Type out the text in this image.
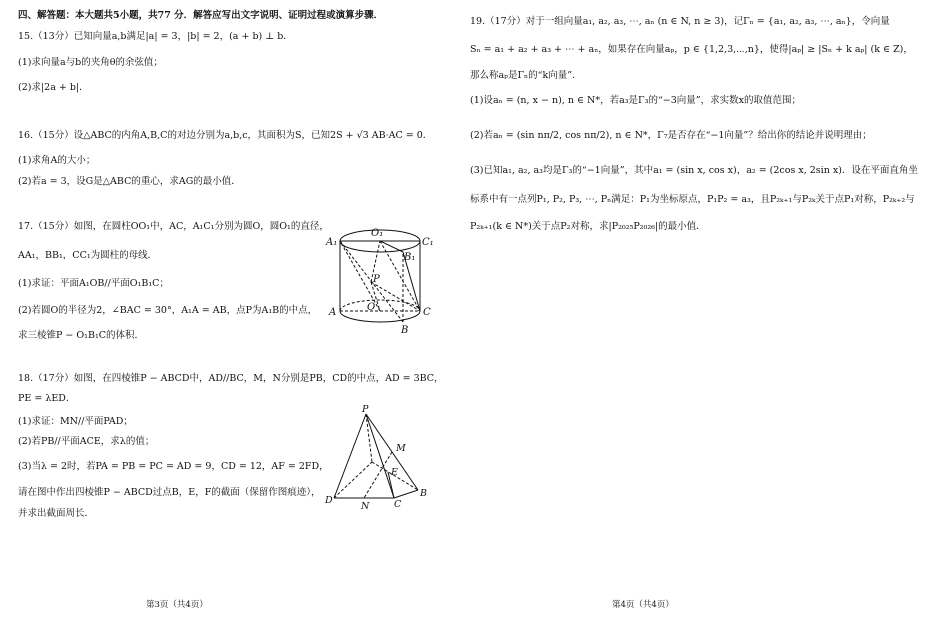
四、解答题：本大题共5小题，共77 分．解答应写出文字说明、证明过程或演算步骤．
15.（13分）已知向量a,b满足|a| = 3，|b| = 2，(a + b) ⊥ b．
(1)求向量a与b的夹角θ的余弦值；
(2)求|2a + b|．
16.（15分）设△ABC的内角A,B,C的对边分别为a,b,c，其面积为S，已知2S + √3 AB·AC = 0．
(1)求角A的大小；
(2)若a = 3，设G是△ABC的重心，求AG的最小值．
17.（15分）如图，在圆柱OO₁中，AC，A₁C₁分别为圆O，圆O₁的直径，
AA₁，BB₁，CC₁为圆柱的母线．
(1)求证：平面A₁OB//平面O₁B₁C；
(2)若圆O的半径为2，∠BAC = 30°，A₁A = AB，点P为A₁B的中点，
求三棱锥P − O₁B₁C的体积．
18.（17分）如图，在四棱锥P − ABCD中，AD//BC，M，N分别是PB，CD的中点，AD = 3BC，
PE = λED．
(1)求证：MN//平面PAD；
(2)若PB//平面ACE，求λ的值；
(3)当λ = 2时，若PA = PB = PC = AD = 9，CD = 12，AF = 2FD，
请在图中作出四棱锥P − ABCD过点B，E，F的截面（保留作图痕迹），
并求出截面周长．
A₁
O₁
C₁
B₁
P
A	O	C
B
P
M
E
D
N	C
B
19.（17分）对于一组向量a₁, a₂, a₃, ⋯, aₙ (n ∈ N, n ≥ 3)，记Γₙ = {a₁, a₂, a₃, ⋯, aₙ}，令向量
Sₙ = a₁ + a₂ + a₃ + ⋯ + aₙ，如果存在向量aₚ，p ∈ {1,2,3,⋯,n}，使得|aₚ| ≥ |Sₙ + k aₚ| (k ∈ Z)，
那么称aₚ是Γₙ的“k向量”．
(1)设aₙ = (n, x − n), n ∈ N*，若a₃是Γ₃的“−3向量”，求实数x的取值范围；
(2)若aₙ = (sin nπ/2, cos nπ/2), n ∈ N*，Γ₇是否存在“−1向量”？给出你的结论并说明理由；
(3)已知a₁, a₂, a₃均是Γ₃的“−1向量”，其中a₁ = (sin x, cos x)，a₂ = (2cos x, 2sin x)．设在平面直角坐
标系中有一点列P₁, P₂, P₃, ⋯, Pₙ满足：P₁为坐标原点，P₁P₂ = a₃，且P₂ₖ₊₁与P₂ₖ关于点P₁对称，P₂ₖ₊₂与
P₂ₖ₊₁(k ∈ N*)关于点P₂对称，求|P₂₀₂₅P₂₀₂₆|的最小值．
第3页（共4页）	第4页（共4页）
